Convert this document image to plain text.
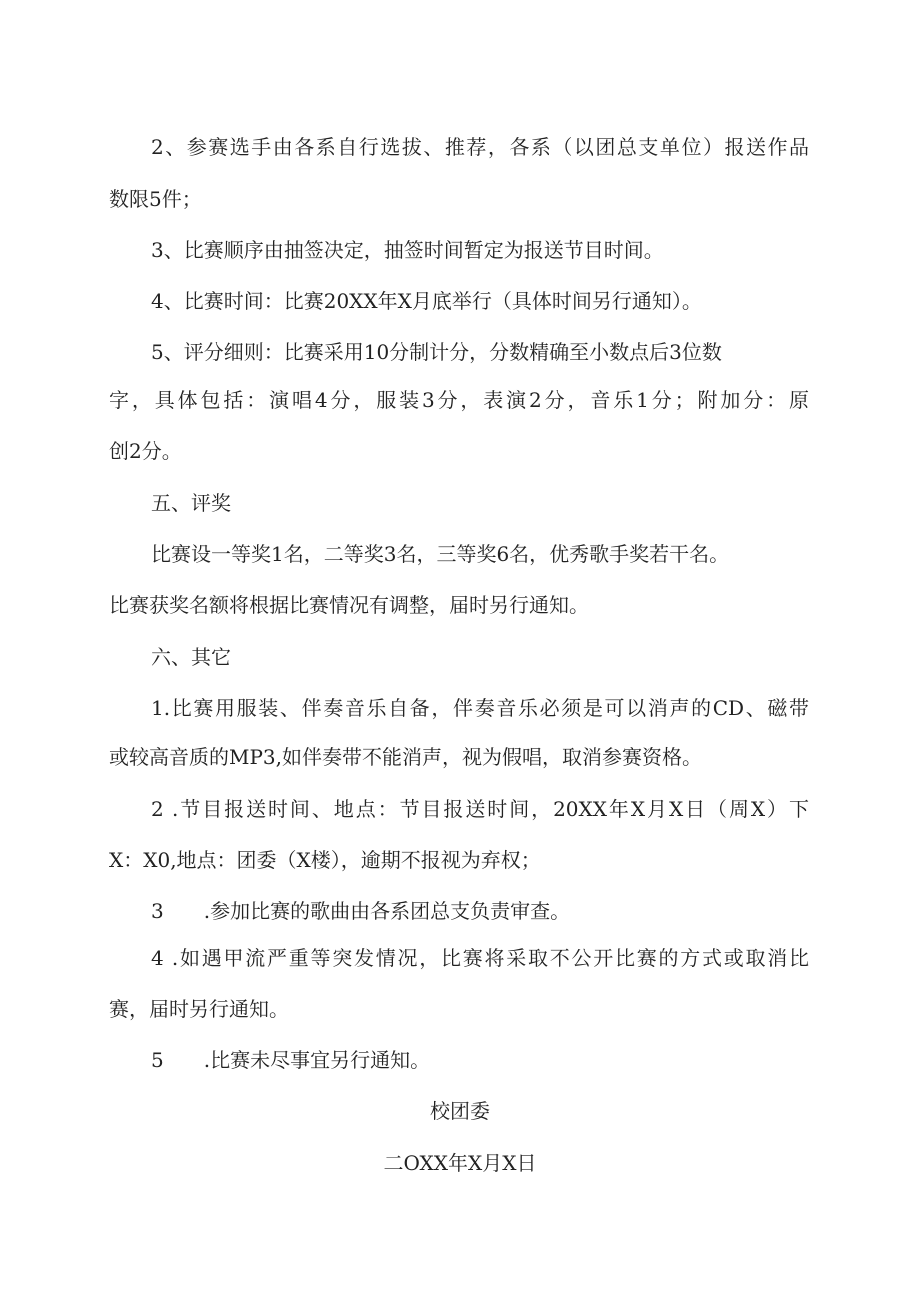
2、参赛选手由各系自行选拔、推荐，各系（以团总支单位）报送作品
数限5件；
3、比赛顺序由抽签决定，抽签时间暂定为报送节目时间。
4、比赛时间：比赛20XX年X月底举行（具体时间另行通知）。
5、评分细则：比赛采用10分制计分，分数精确至小数点后3位数
字，具体包括：演唱4分，服装3分，表演2分，音乐1分；附加分：原
创2分。
五、评奖
比赛设一等奖1名，二等奖3名，三等奖6名，优秀歌手奖若干名。
比赛获奖名额将根据比赛情况有调整，届时另行通知。
六、其它
1.比赛用服装、伴奏音乐自备，伴奏音乐必须是可以消声的CD、磁带
或较高音质的MP3,如伴奏带不能消声，视为假唱，取消参赛资格。
2 .节目报送时间、地点：节目报送时间，20XX年X月X日（周X）下
X：X0,地点：团委（X楼），逾期不报视为弃权；
3 .参加比赛的歌曲由各系团总支负责审查。
4 .如遇甲流严重等突发情况，比赛将采取不公开比赛的方式或取消比
赛，届时另行通知。
5 .比赛未尽事宜另行通知。
校团委
二OXX年X月X日
